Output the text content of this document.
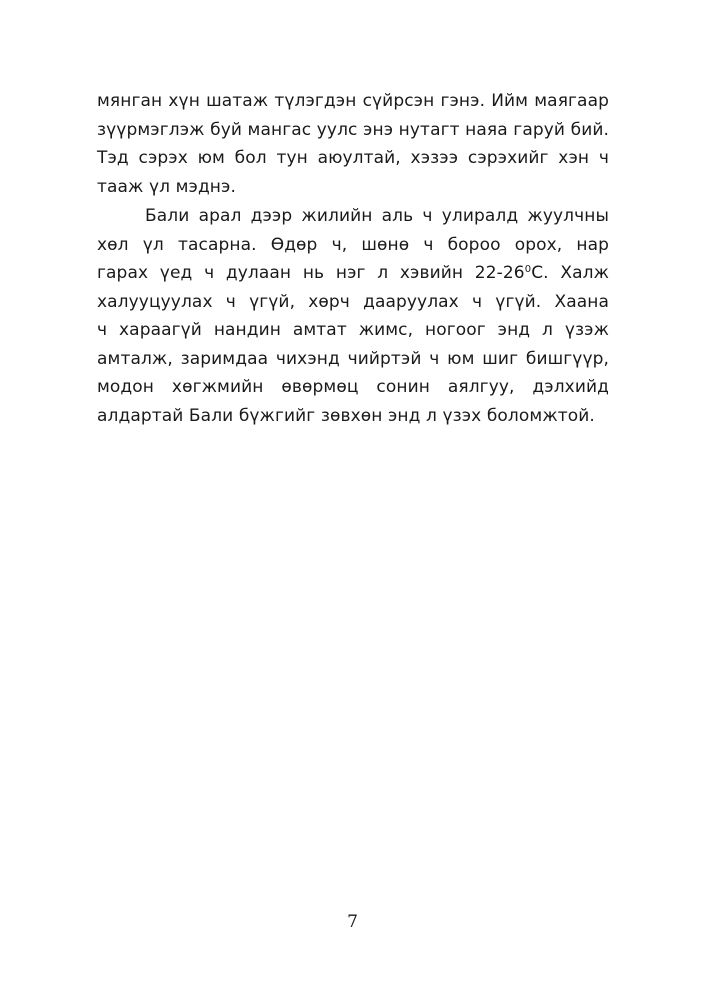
мянган хүн шатаж түлэгдэн сүйрсэн гэнэ. Ийм маягаар
зүүрмэглэж буй мангас уулс энэ нутагт наяа гаруй бий.
Тэд сэрэх юм бол тун аюултай, хэзээ сэрэхийг хэн ч
тааж үл мэднэ.
Бали арал дээр жилийн аль ч улиралд жуулчны
хөл үл тасарна. Өдөр ч, шөнө ч бороо орох, нар
гарах үед ч дулаан нь нэг л хэвийн $22-26^0С$. Халж
халууцуулах ч үгүй, хөрч даaруулах ч үгүй. Хаана
ч хараагүй нандин амтат жимс, ногоог энд л үзэж
амталж, заримдаа чихэнд чийртэй ч юм шиг бишгүүр,
модон хөгжмийн өвөрмөц сонин аялгуу, дэлхийд
алдартай Бали бүжгийг зөвхөн энд л үзэх боломжтой.
7
